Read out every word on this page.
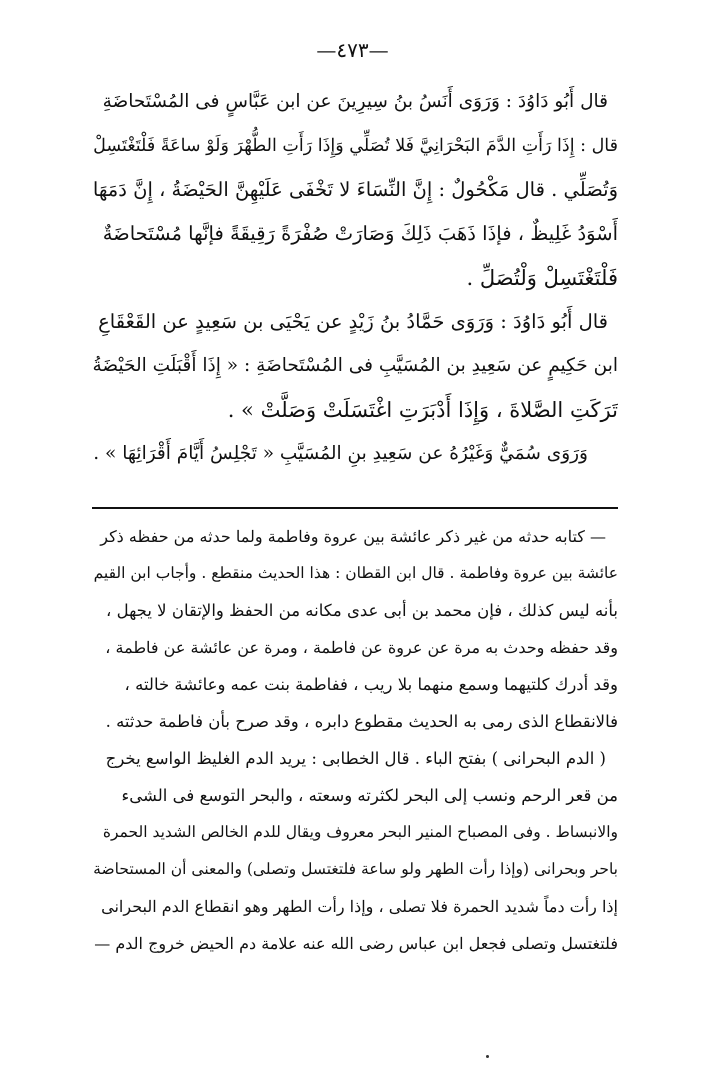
—٤٧٣—
قال أَبُو دَاوُدَ : وَرَوَى أَنَسُ بنُ سِيرِينَ عن ابن عَبَّاسٍ فى المُسْتَحاضَةِ
قال : إِذَا رَأَتِ الدَّمَ البَحْرَانِيَّ فَلا تُصَلِّي وَإِذَا رَأَتِ الطُّهْرَ وَلَوْ ساعَةً فَلْتَغْتَسِلْ
وَتُصَلِّي . قال مَكْحُولٌ : إِنَّ النِّسَاءَ لا تَخْفَى عَلَيْهِنَّ الحَيْضَةُ ، إِنَّ دَمَهَا
أَسْوَدُ غَلِيظٌ ، فإذَا ذَهَبَ ذَلِكَ وَصَارَتْ صُفْرَةً رَقِيقَةً فإنَّها مُسْتَحاضَةٌ
فَلْتَغْتَسِلْ وَلْتُصَلِّ .
قال أَبُو دَاوُدَ : وَرَوَى حَمَّادُ بنُ زَيْدٍ عن يَحْيَى بن سَعِيدٍ عن القَعْقَاعِ
ابن حَكِيمٍ عن سَعِيدِ بن المُسَيَّبِ فى المُسْتَحاضَةِ : « إِذَا أَقْبَلَتِ الحَيْضَةُ
تَرَكَتِ الصَّلاةَ ، وَإِذَا أَدْبَرَتِ اغْتَسَلَتْ وَصَلَّتْ » .
وَرَوَى سُمَيٌّ وَغَيْرُهُ عن سَعِيدِ بنِ المُسَيَّبِ « تَجْلِسُ أَيَّامَ أَقْرَائِهَا » .
— كتابه حدثه من غير ذكر عائشة بين عروة وفاطمة ولما حدثه من حفظه ذكر
عائشة بين عروة وفاطمة . قال ابن القطان : هذا الحديث منقطع . وأجاب ابن القيم
بأنه ليس كذلك ، فإن محمد بن أبى عدى مكانه من الحفظ والإتقان لا يجهل ،
وقد حفظه وحدث به مرة عن عروة عن فاطمة ، ومرة عن عائشة عن فاطمة ،
وقد أدرك كلتيهما وسمع منهما بلا ريب ، ففاطمة بنت عمه وعائشة خالته ،
فالانقطاع الذى رمى به الحديث مقطوع دابره ، وقد صرح بأن فاطمة حدثته .
( الدم البحرانى ) بفتح الباء . قال الخطابى : يريد الدم الغليظ الواسع يخرج
من قعر الرحم ونسب إلى البحر لكثرته وسعته ، والبحر التوسع فى الشىء
والانبساط . وفى المصباح المنير البحر معروف ويقال للدم الخالص الشديد الحمرة
باحر وبحرانى (وإذا رأت الطهر ولو ساعة فلتغتسل وتصلى) والمعنى أن المستحاضة
إذا رأت دماً شديد الحمرة فلا تصلى ، وإذا رأت الطهر وهو انقطاع الدم البحرانى
فلتغتسل وتصلى فجعل ابن عباس رضى الله عنه علامة دم الحيض خروج الدم —
